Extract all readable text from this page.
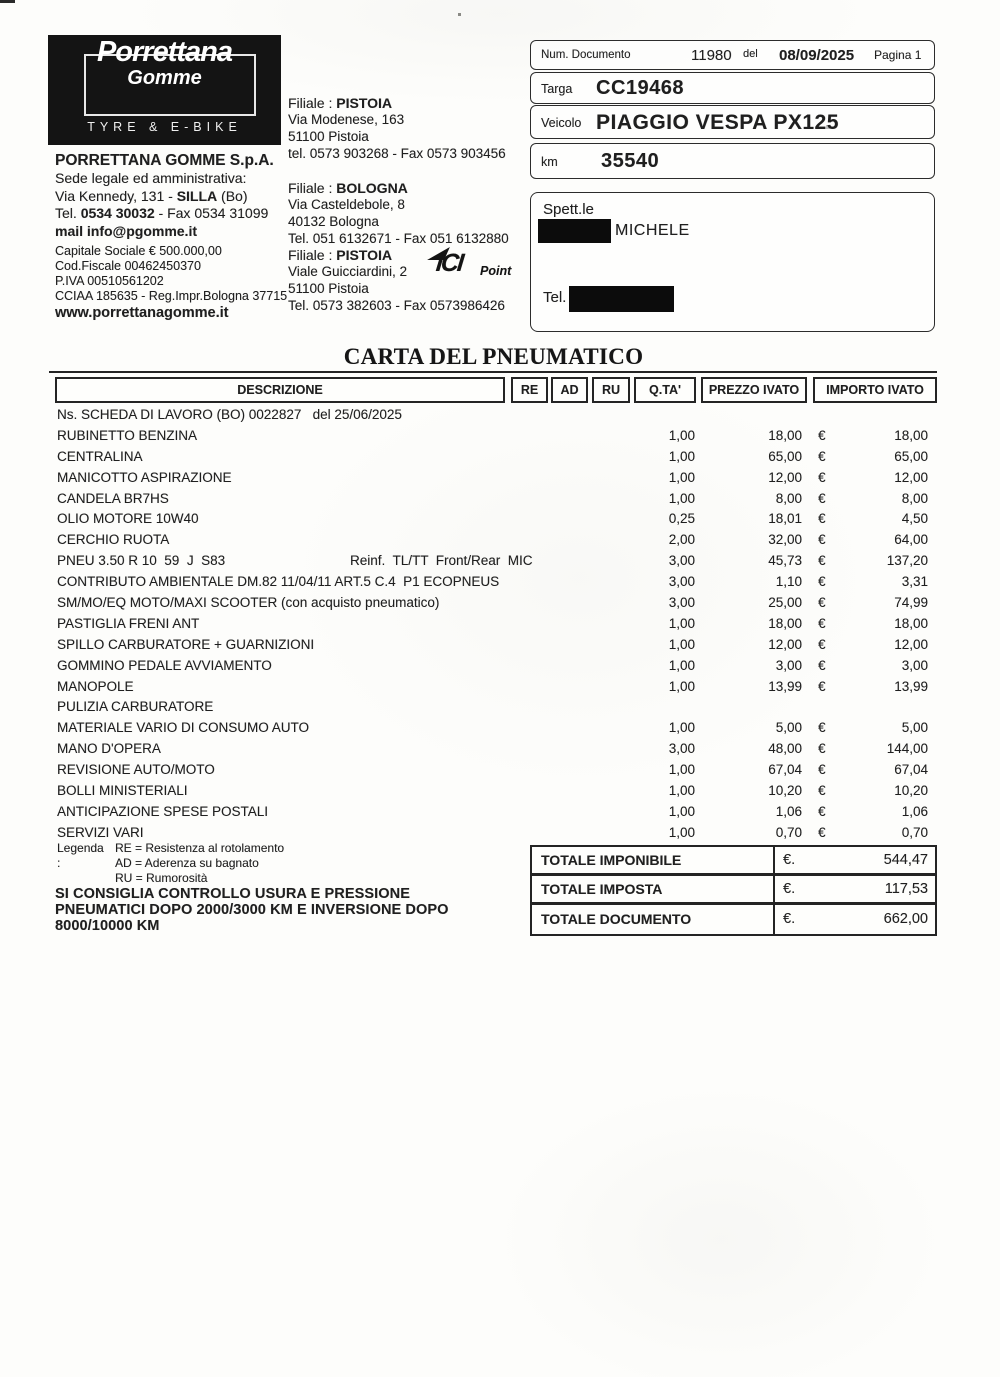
Porrettana
Gomme
TYRE & E-BIKE
PORRETTANA GOMME S.p.A.
Sede legale ed amministrativa:
Via Kennedy, 131 - SILLA (Bo)
Tel. 0534 30032 - Fax 0534 31099
mail info@pgomme.it
Capitale Sociale € 500.000,00
Cod.Fiscale 00462450370
P.IVA 00510561202
CCIAA 185635 - Reg.Impr.Bologna 37715
www.porrettanagomme.it
Filiale : PISTOIA
Via Modenese, 163
51100 Pistoia
tel. 0573 903268 - Fax 0573 903456
Filiale : BOLOGNA
Via Casteldebole, 8
40132 Bologna
Tel. 051 6132671 - Fax 051 6132880
Filiale : PISTOIA
Viale Guicciardini, 2
51100 Pistoia
Tel. 0573 382603 - Fax 0573986426
ICI Point
Num. Documento	11980 del 08/09/2025 Pagina 1
Targa CC19468
Veicolo PIAGGIO VESPA PX125
km 35540
Spett.le
MICHELE
Tel.
CARTA DEL PNEUMATICO
DESCRIZIONE	RE	AD	RU	Q.TA'	PREZZO IVATO	IMPORTO IVATO
Ns. SCHEDA DI LAVORO (BO) 0022827   del 25/06/2025
RUBINETTO BENZINA	1,00	18,00 €	18,00
CENTRALINA	1,00	65,00 €	65,00
MANICOTTO ASPIRAZIONE	1,00	12,00 €	12,00
CANDELA BR7HS	1,00	8,00 €	8,00
OLIO MOTORE 10W40	0,25	18,01 €	4,50
CERCHIO RUOTA	2,00	32,00 €	64,00
PNEU 3.50 R 10  59  J  S83	Reinf.  TL/TT  Front/Rear  MIC	3,00	45,73 €	137,20
CONTRIBUTO AMBIENTALE DM.82 11/04/11 ART.5 C.4  P1 ECOPNEUS	3,00	1,10 €	3,31
SM/MO/EQ MOTO/MAXI SCOOTER (con acquisto pneumatico)	3,00	25,00 €	74,99
PASTIGLIA FRENI ANT	1,00	18,00 €	18,00
SPILLO CARBURATORE + GUARNIZIONI	1,00	12,00 €	12,00
GOMMINO PEDALE AVVIAMENTO	1,00	3,00 €	3,00
MANOPOLE	1,00	13,99 €	13,99
PULIZIA CARBURATORE
MATERIALE VARIO DI CONSUMO AUTO	1,00	5,00 €	5,00
MANO D'OPERA	3,00	48,00 €	144,00
REVISIONE AUTO/MOTO	1,00	67,04 €	67,04
BOLLI MINISTERIALI	1,00	10,20 €	10,20
ANTICIPAZIONE SPESE POSTALI	1,00	1,06 €	1,06
SERVIZI VARI	1,00	0,70 €	0,70
Legenda :
RE = Resistenza al rotolamento
AD = Aderenza su bagnato
RU = Rumorosità
SI CONSIGLIA CONTROLLO USURA E PRESSIONE
PNEUMATICI DOPO 2000/3000 KM E INVERSIONE DOPO
8000/10000 KM
TOTALE IMPONIBILE	€.	544,47
TOTALE IMPOSTA	€.	117,53
TOTALE DOCUMENTO	€.	662,00
